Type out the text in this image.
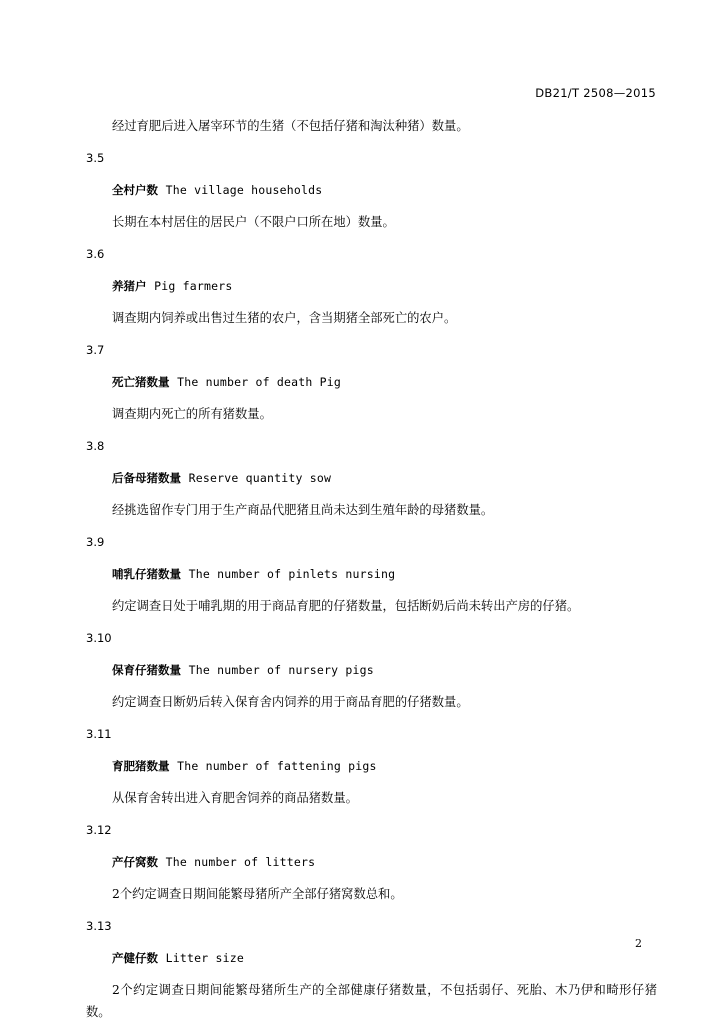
DB21/T 2508—2015

经过育肥后进入屠宰环节的生猪（不包括仔猪和淘汰种猪）数量。

3.5

全村户数 The village households

长期在本村居住的居民户（不限户口所在地）数量。

3.6

养猪户 Pig farmers

调查期内饲养或出售过生猪的农户，含当期猪全部死亡的农户。

3.7

死亡猪数量 The number of death Pig

调查期内死亡的所有猪数量。

3.8

后备母猪数量 Reserve quantity sow

经挑选留作专门用于生产商品代肥猪且尚未达到生殖年龄的母猪数量。

3.9

哺乳仔猪数量 The number of pinlets nursing

约定调查日处于哺乳期的用于商品育肥的仔猪数量，包括断奶后尚未转出产房的仔猪。

3.10

保育仔猪数量 The number of nursery pigs

约定调查日断奶后转入保育舍内饲养的用于商品育肥的仔猪数量。

3.11

育肥猪数量 The number of fattening pigs

从保育舍转出进入育肥舍饲养的商品猪数量。

3.12

产仔窝数 The number of litters

2个约定调查日期间能繁母猪所产全部仔猪窝数总和。

3.13

产健仔数 Litter size

2个约定调查日期间能繁母猪所生产的全部健康仔猪数量，不包括弱仔、死胎、木乃伊和畸形仔猪数。

2
